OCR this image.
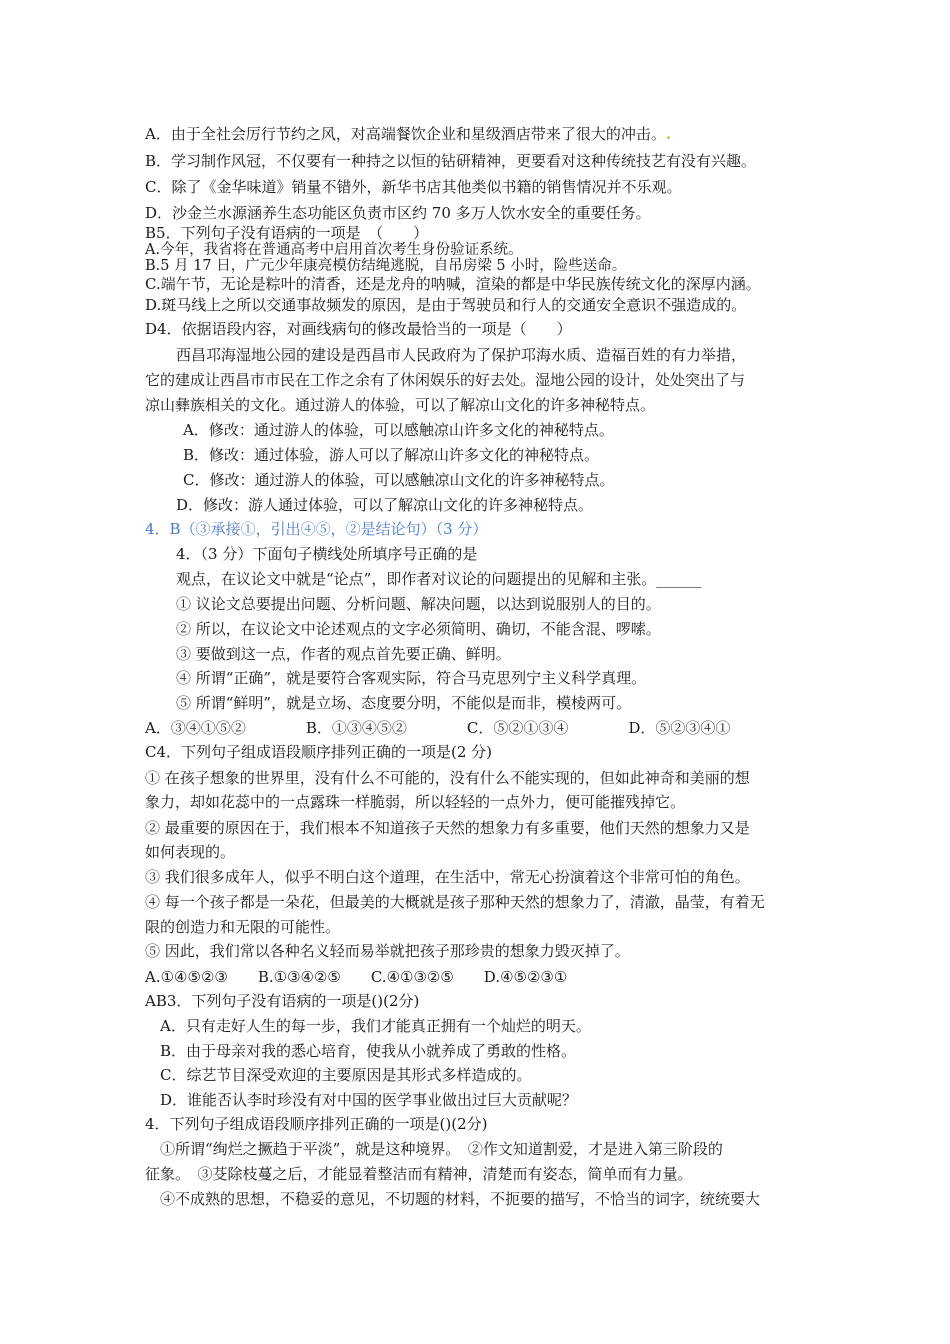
A．由于全社会厉行节约之风，对高端餐饮企业和星级酒店带来了很大的冲击。.
B．学习制作风冠，不仅要有一种持之以恒的钻研精神，更要看对这种传统技艺有没有兴趣。
C．除了《金华味道》销量不错外，新华书店其他类似书籍的销售情况并不乐观。
D．沙金兰水源涵养生态功能区负责市区约 70 多万人饮水安全的重要任务。
B5．下列句子没有语病的一项是　（　　）
A.今年，我省将在普通高考中启用首次考生身份验证系统。
B.5 月 17 日，广元少年康亮模仿结绳逃脱，自吊房梁 5 小时，险些送命。
C.端午节，无论是粽叶的清香，还是龙舟的呐喊，渲染的都是中华民族传统文化的深厚内涵。
D.斑马线上之所以交通事故频发的原因，是由于驾驶员和行人的交通安全意识不强造成的。
D4．依据语段内容，对画线病句的修改最恰当的一项是（　　）
西昌邛海湿地公园的建设是西昌市人民政府为了保护邛海水质、造福百姓的有力举措，
它的建成让西昌市市民在工作之余有了休闲娱乐的好去处。湿地公园的设计，处处突出了与
凉山彝族相关的文化。通过游人的体验，可以了解凉山文化的许多神秘特点。
A．修改：通过游人的体验，可以感触凉山许多文化的神秘特点。
B．修改：通过体验，游人可以了解凉山许多文化的神秘特点。
C．修改：通过游人的体验，可以感触凉山文化的许多神秘特点。
D．修改：游人通过体验，可以了解凉山文化的许多神秘特点。
4．B（③承接①，引出④⑤，②是结论句）（3 分）
4．（3 分）下面句子横线处所填序号正确的是
观点，在议论文中就是“论点”，即作者对议论的问题提出的见解和主张。______
① 议论文总要提出问题、分析问题、解决问题，以达到说服别人的目的。
② 所以，在议论文中论述观点的文字必须简明、确切，不能含混、啰嗦。
③ 要做到这一点，作者的观点首先要正确、鲜明。
④ 所谓“正确”，就是要符合客观实际，符合马克思列宁主义科学真理。
⑤ 所谓“鲜明”，就是立场、态度要分明，不能似是而非，模棱两可。
A．③④①⑤②　　　　B．①③④⑤②　　　　C．⑤②①③④　　　　D．⑤②③④①
C4．下列句子组成语段顺序排列正确的一项是(2 分)
① 在孩子想象的世界里，没有什么不可能的，没有什么不能实现的，但如此神奇和美丽的想
象力，却如花蕊中的一点露珠一样脆弱，所以轻轻的一点外力，便可能摧残掉它。
② 最重要的原因在于，我们根本不知道孩子天然的想象力有多重要，他们天然的想象力又是
如何表现的。
③ 我们很多成年人，似乎不明白这个道理，在生活中，常无心扮演着这个非常可怕的角色。
④ 每一个孩子都是一朵花，但最美的大概就是孩子那种天然的想象力了，清澈，晶莹，有着无
限的创造力和无限的可能性。
⑤ 因此，我们常以各种名义轻而易举就把孩子那珍贵的想象力毁灭掉了。
A.①④⑤②③　　B.①③④②⑤　　C.④①③②⑤　　D.④⑤②③①
AB3．下列句子没有语病的一项是()(2分)
A．只有走好人生的每一步，我们才能真正拥有一个灿烂的明天。
B．由于母亲对我的悉心培育，使我从小就养成了勇敢的性格。
C．综艺节目深受欢迎的主要原因是其形式多样造成的。
D．谁能否认李时珍没有对中国的医学事业做出过巨大贡献呢？
4．下列句子组成语段顺序排列正确的一项是()(2分)
①所谓“绚烂之撅趋于平淡”，就是这种境界。　②作文知道割爱，才是进入第三阶段的
征象。　③芟除枝蔓之后，才能显着整洁而有精神，清楚而有姿态，简单而有力量。
④不成熟的思想，不稳妥的意见，不切题的材料，不扼要的描写，不恰当的词字，统统要大
